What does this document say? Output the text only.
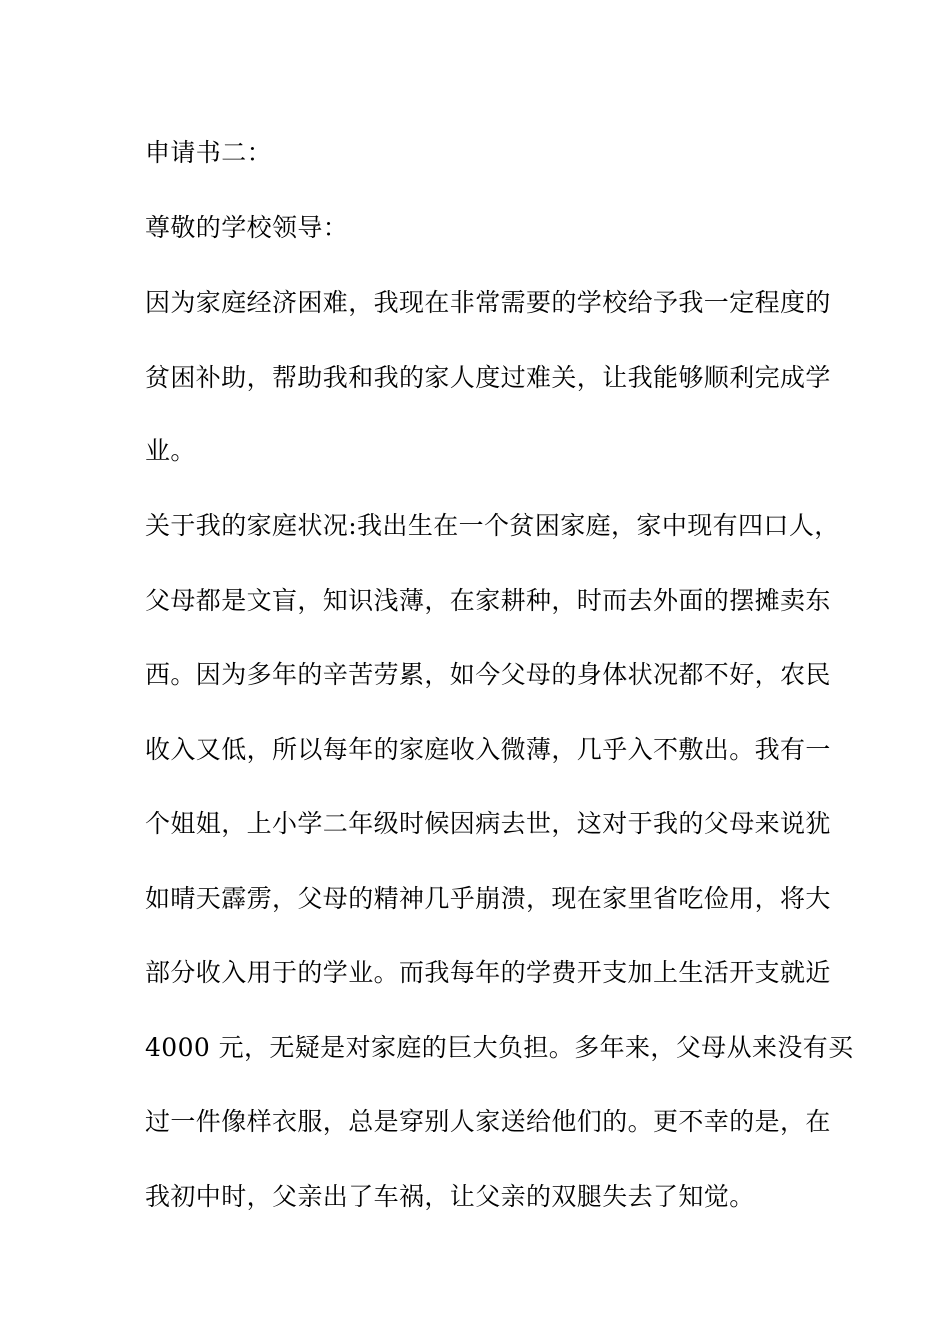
申请书二：
尊敬的学校领导：
因为家庭经济困难，我现在非常需要的学校给予我一定程度的
贫困补助，帮助我和我的家人度过难关，让我能够顺利完成学
业。
关于我的家庭状况:我出生在一个贫困家庭，家中现有四口人，
父母都是文盲，知识浅薄，在家耕种，时而去外面的摆摊卖东
西。因为多年的辛苦劳累，如今父母的身体状况都不好，农民
收入又低，所以每年的家庭收入微薄，几乎入不敷出。我有一
个姐姐，上小学二年级时候因病去世，这对于我的父母来说犹
如晴天霹雳，父母的精神几乎崩溃，现在家里省吃俭用，将大
部分收入用于的学业。而我每年的学费开支加上生活开支就近
4000 元，无疑是对家庭的巨大负担。多年来，父母从来没有买
过一件像样衣服，总是穿别人家送给他们的。更不幸的是，在
我初中时，父亲出了车祸，让父亲的双腿失去了知觉。
